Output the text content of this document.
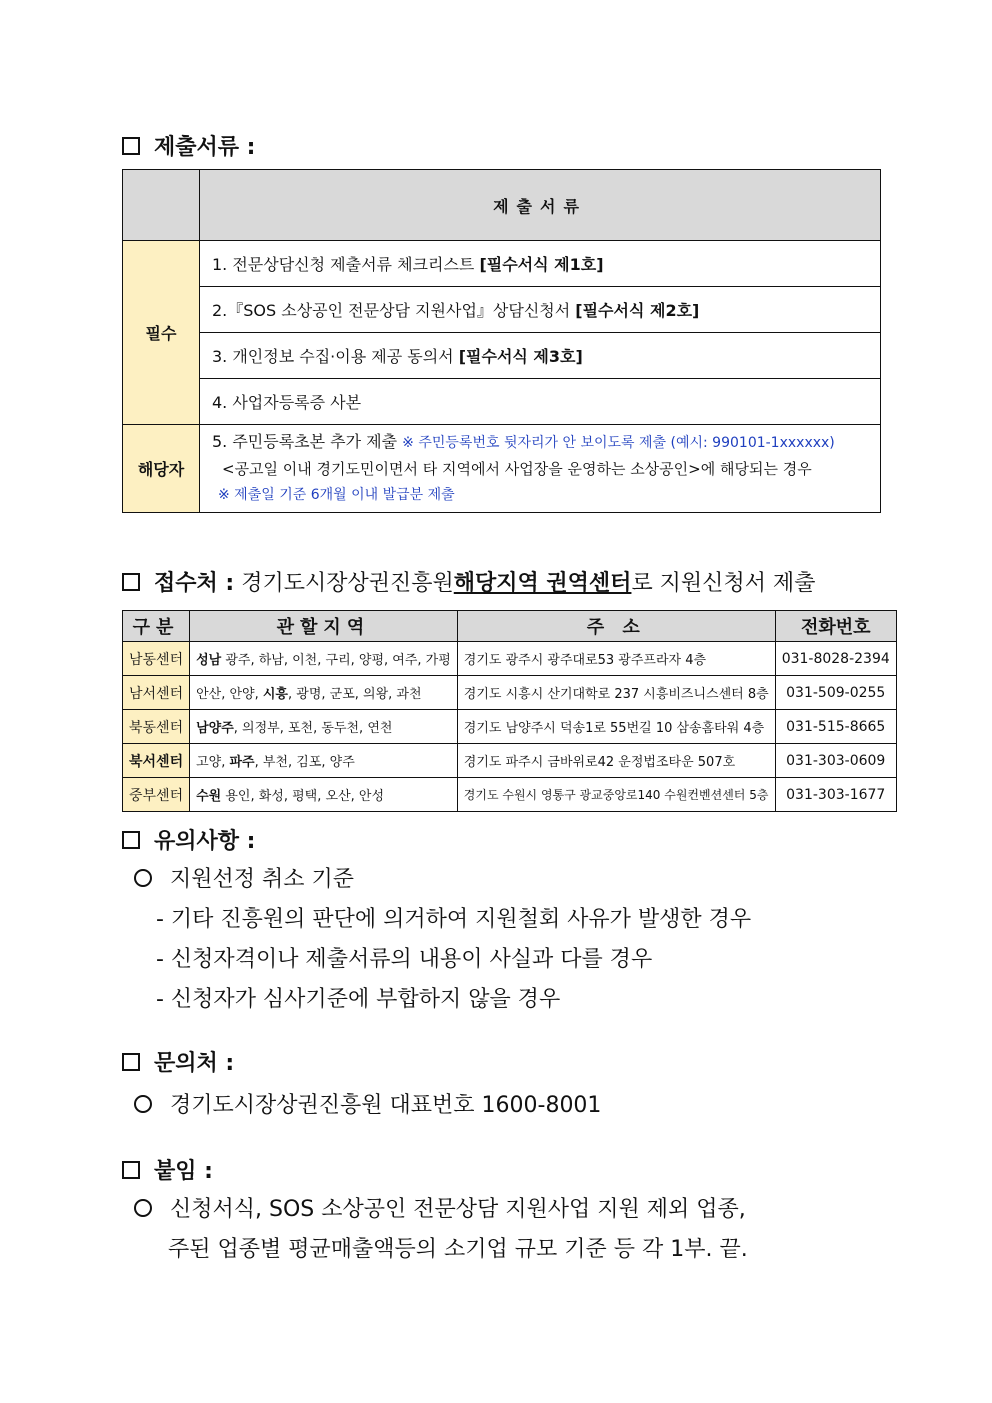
제출서류 :
	제출서류
필수	1. 전문상담신청 제출서류 체크리스트 [필수서식 제1호]
	2.『SOS 소상공인 전문상담 지원사업』상담신청서 [필수서식 제2호]
	3. 개인정보 수집·이용 제공 동의서 [필수서식 제3호]
	4. 사업자등록증 사본
해당자	5. 주민등록초본 추가 제출 ※ 주민등록번호 뒷자리가 안 보이도록 제출 (예시: 990101-1xxxxxx)
<공고일 이내 경기도민이면서 타 지역에서 사업장을 운영하는 소상공인>에 해당되는 경우
※ 제출일 기준 6개월 이내 발급분 제출
접수처 :
경기도시장상권진흥원 해당지역 권역센터 로 지원신청서 제출
구분	관할지역	주 소	전화번호
남동센터	성남 광주, 하남, 이천, 구리, 양평, 여주, 가평	경기도 광주시 광주대로53 광주프라자 4층	031-8028-2394
남서센터	안산, 안양, 시흥, 광명, 군포, 의왕, 과천	경기도 시흥시 산기대학로 237 시흥비즈니스센터 8층	031-509-0255
북동센터	남양주, 의정부, 포천, 동두천, 연천	경기도 남양주시 덕송1로 55번길 10 삼송홈타워 4층	031-515-8665
북서센터	고양, 파주, 부천, 김포, 양주	경기도 파주시 금바위로42 운정법조타운 507호	031-303-0609
중부센터	수원 용인, 화성, 평택, 오산, 안성	경기도 수원시 영통구 광교중앙로140 수원컨벤션센터 5층	031-303-1677
유의사항 :
지원선정 취소 기준
- 기타 진흥원의 판단에 의거하여 지원철회 사유가 발생한 경우
- 신청자격이나 제출서류의 내용이 사실과 다를 경우
- 신청자가 심사기준에 부합하지 않을 경우
문의처 :
경기도시장상권진흥원 대표번호 1600-8001
붙임 :
신청서식, SOS 소상공인 전문상담 지원사업 지원 제외 업종,
주된 업종별 평균매출액등의 소기업 규모 기준 등 각 1부. 끝.
